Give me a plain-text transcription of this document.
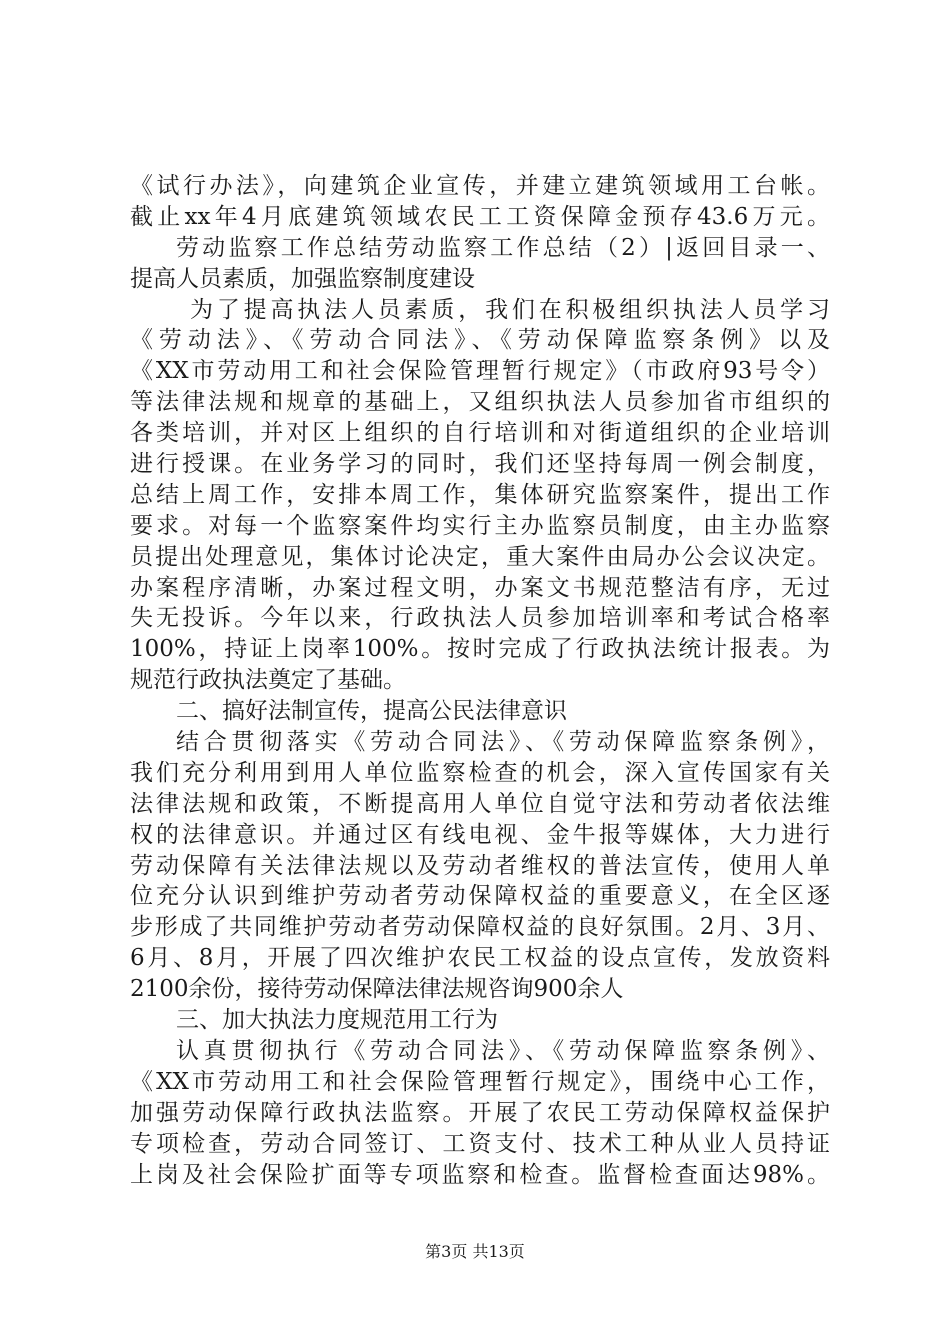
《试行办法》，向建筑企业宣传，并建立建筑领域用工台帐。
截止xx年4月底建筑领域农民工工资保障金预存43.6万元。
劳动监察工作总结劳动监察工作总结（2）|返回目录一、
提高人员素质，加强监察制度建设
为了提高执法人员素质，我们在积极组织执法人员学习
《劳动法》、《劳动合同法》、《劳动保障监察条例》以及
《XX市劳动用工和社会保险管理暂行规定》（市政府93号令）
等法律法规和规章的基础上，又组织执法人员参加省市组织的
各类培训，并对区上组织的自行培训和对街道组织的企业培训
进行授课。在业务学习的同时，我们还坚持每周一例会制度，
总结上周工作，安排本周工作，集体研究监察案件，提出工作
要求。对每一个监察案件均实行主办监察员制度，由主办监察
员提出处理意见，集体讨论决定，重大案件由局办公会议决定。
办案程序清晰，办案过程文明，办案文书规范整洁有序，无过
失无投诉。今年以来，行政执法人员参加培训率和考试合格率
100%，持证上岗率100%。按时完成了行政执法统计报表。为
规范行政执法奠定了基础。
二、搞好法制宣传，提高公民法律意识
结合贯彻落实《劳动合同法》、《劳动保障监察条例》，
我们充分利用到用人单位监察检查的机会，深入宣传国家有关
法律法规和政策，不断提高用人单位自觉守法和劳动者依法维
权的法律意识。并通过区有线电视、金牛报等媒体，大力进行
劳动保障有关法律法规以及劳动者维权的普法宣传，使用人单
位充分认识到维护劳动者劳动保障权益的重要意义，在全区逐
步形成了共同维护劳动者劳动保障权益的良好氛围。2月、3月、
6月、8月，开展了四次维护农民工权益的设点宣传，发放资料
2100余份，接待劳动保障法律法规咨询900余人
三、加大执法力度规范用工行为
认真贯彻执行《劳动合同法》、《劳动保障监察条例》、
《XX市劳动用工和社会保险管理暂行规定》，围绕中心工作，
加强劳动保障行政执法监察。开展了农民工劳动保障权益保护
专项检查，劳动合同签订、工资支付、技术工种从业人员持证
上岗及社会保险扩面等专项监察和检查。监督检查面达98%。
第3页 共13页
